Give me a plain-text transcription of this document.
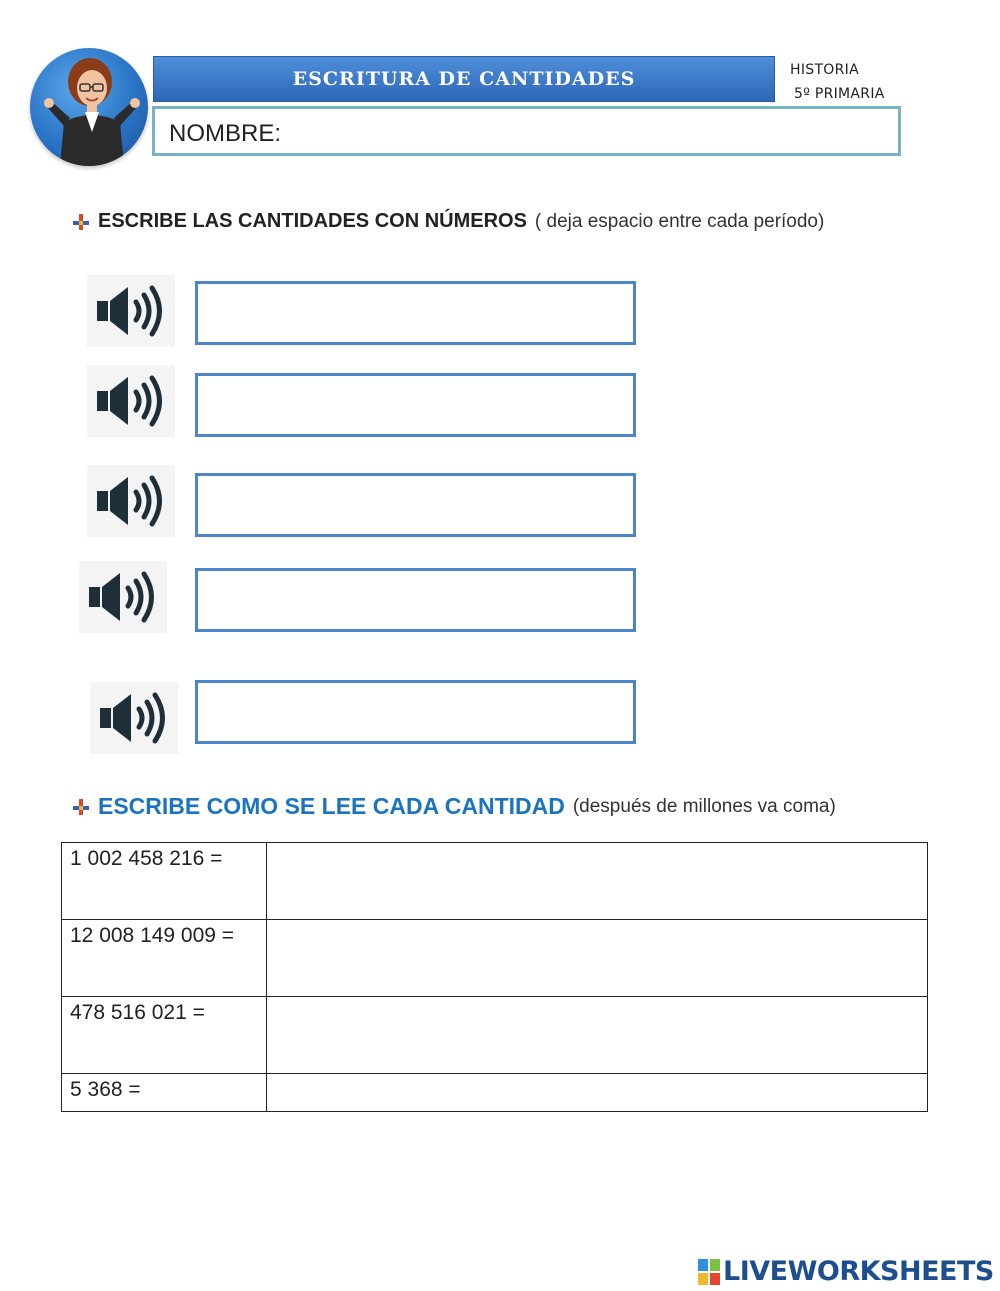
ESCRITURA DE CANTIDADES	HISTORIA
5º PRIMARIA
NOMBRE:
ESCRIBE LAS CANTIDADES CON NÚMEROS ( deja espacio entre cada período)
ESCRIBE COMO SE LEE CADA CANTIDAD (después de millones va coma)
1 002 458 216 =	
12 008 149 009 =	
478 516 021 =	
5 368 =	
LIVEWORKSHEETS
